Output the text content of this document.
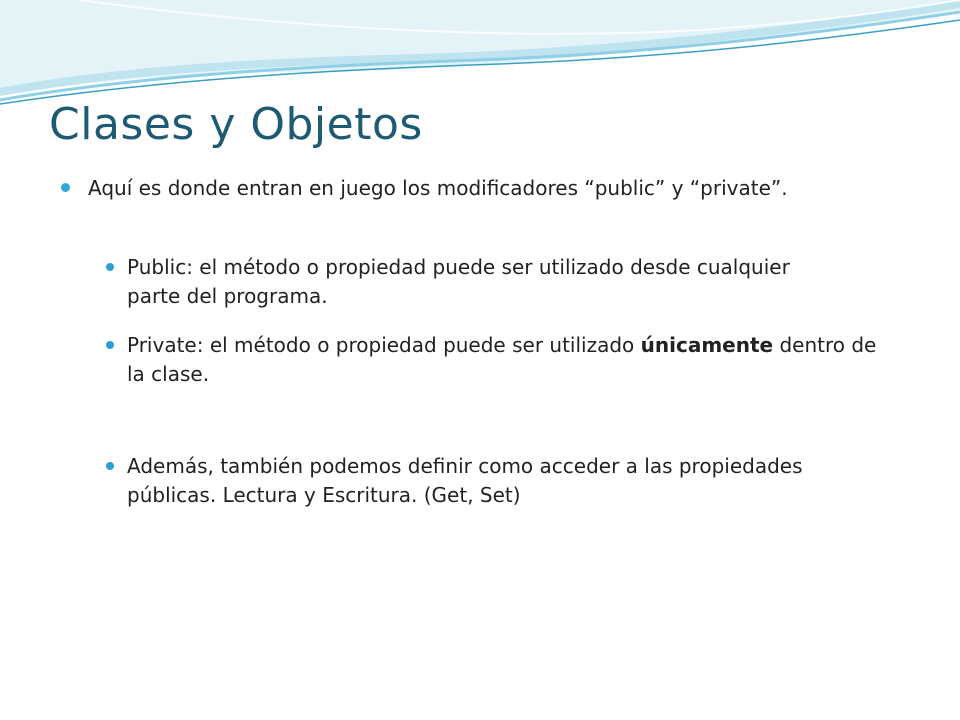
Clases y Objetos
Aquí es donde entran en juego los modificadores “public” y “private”.
Public: el método o propiedad puede ser utilizado desde cualquier parte del programa.
Private: el método o propiedad puede ser utilizado únicamente dentro de la clase.
Además, también podemos definir como acceder a las propiedades públicas. Lectura y Escritura. (Get, Set)
